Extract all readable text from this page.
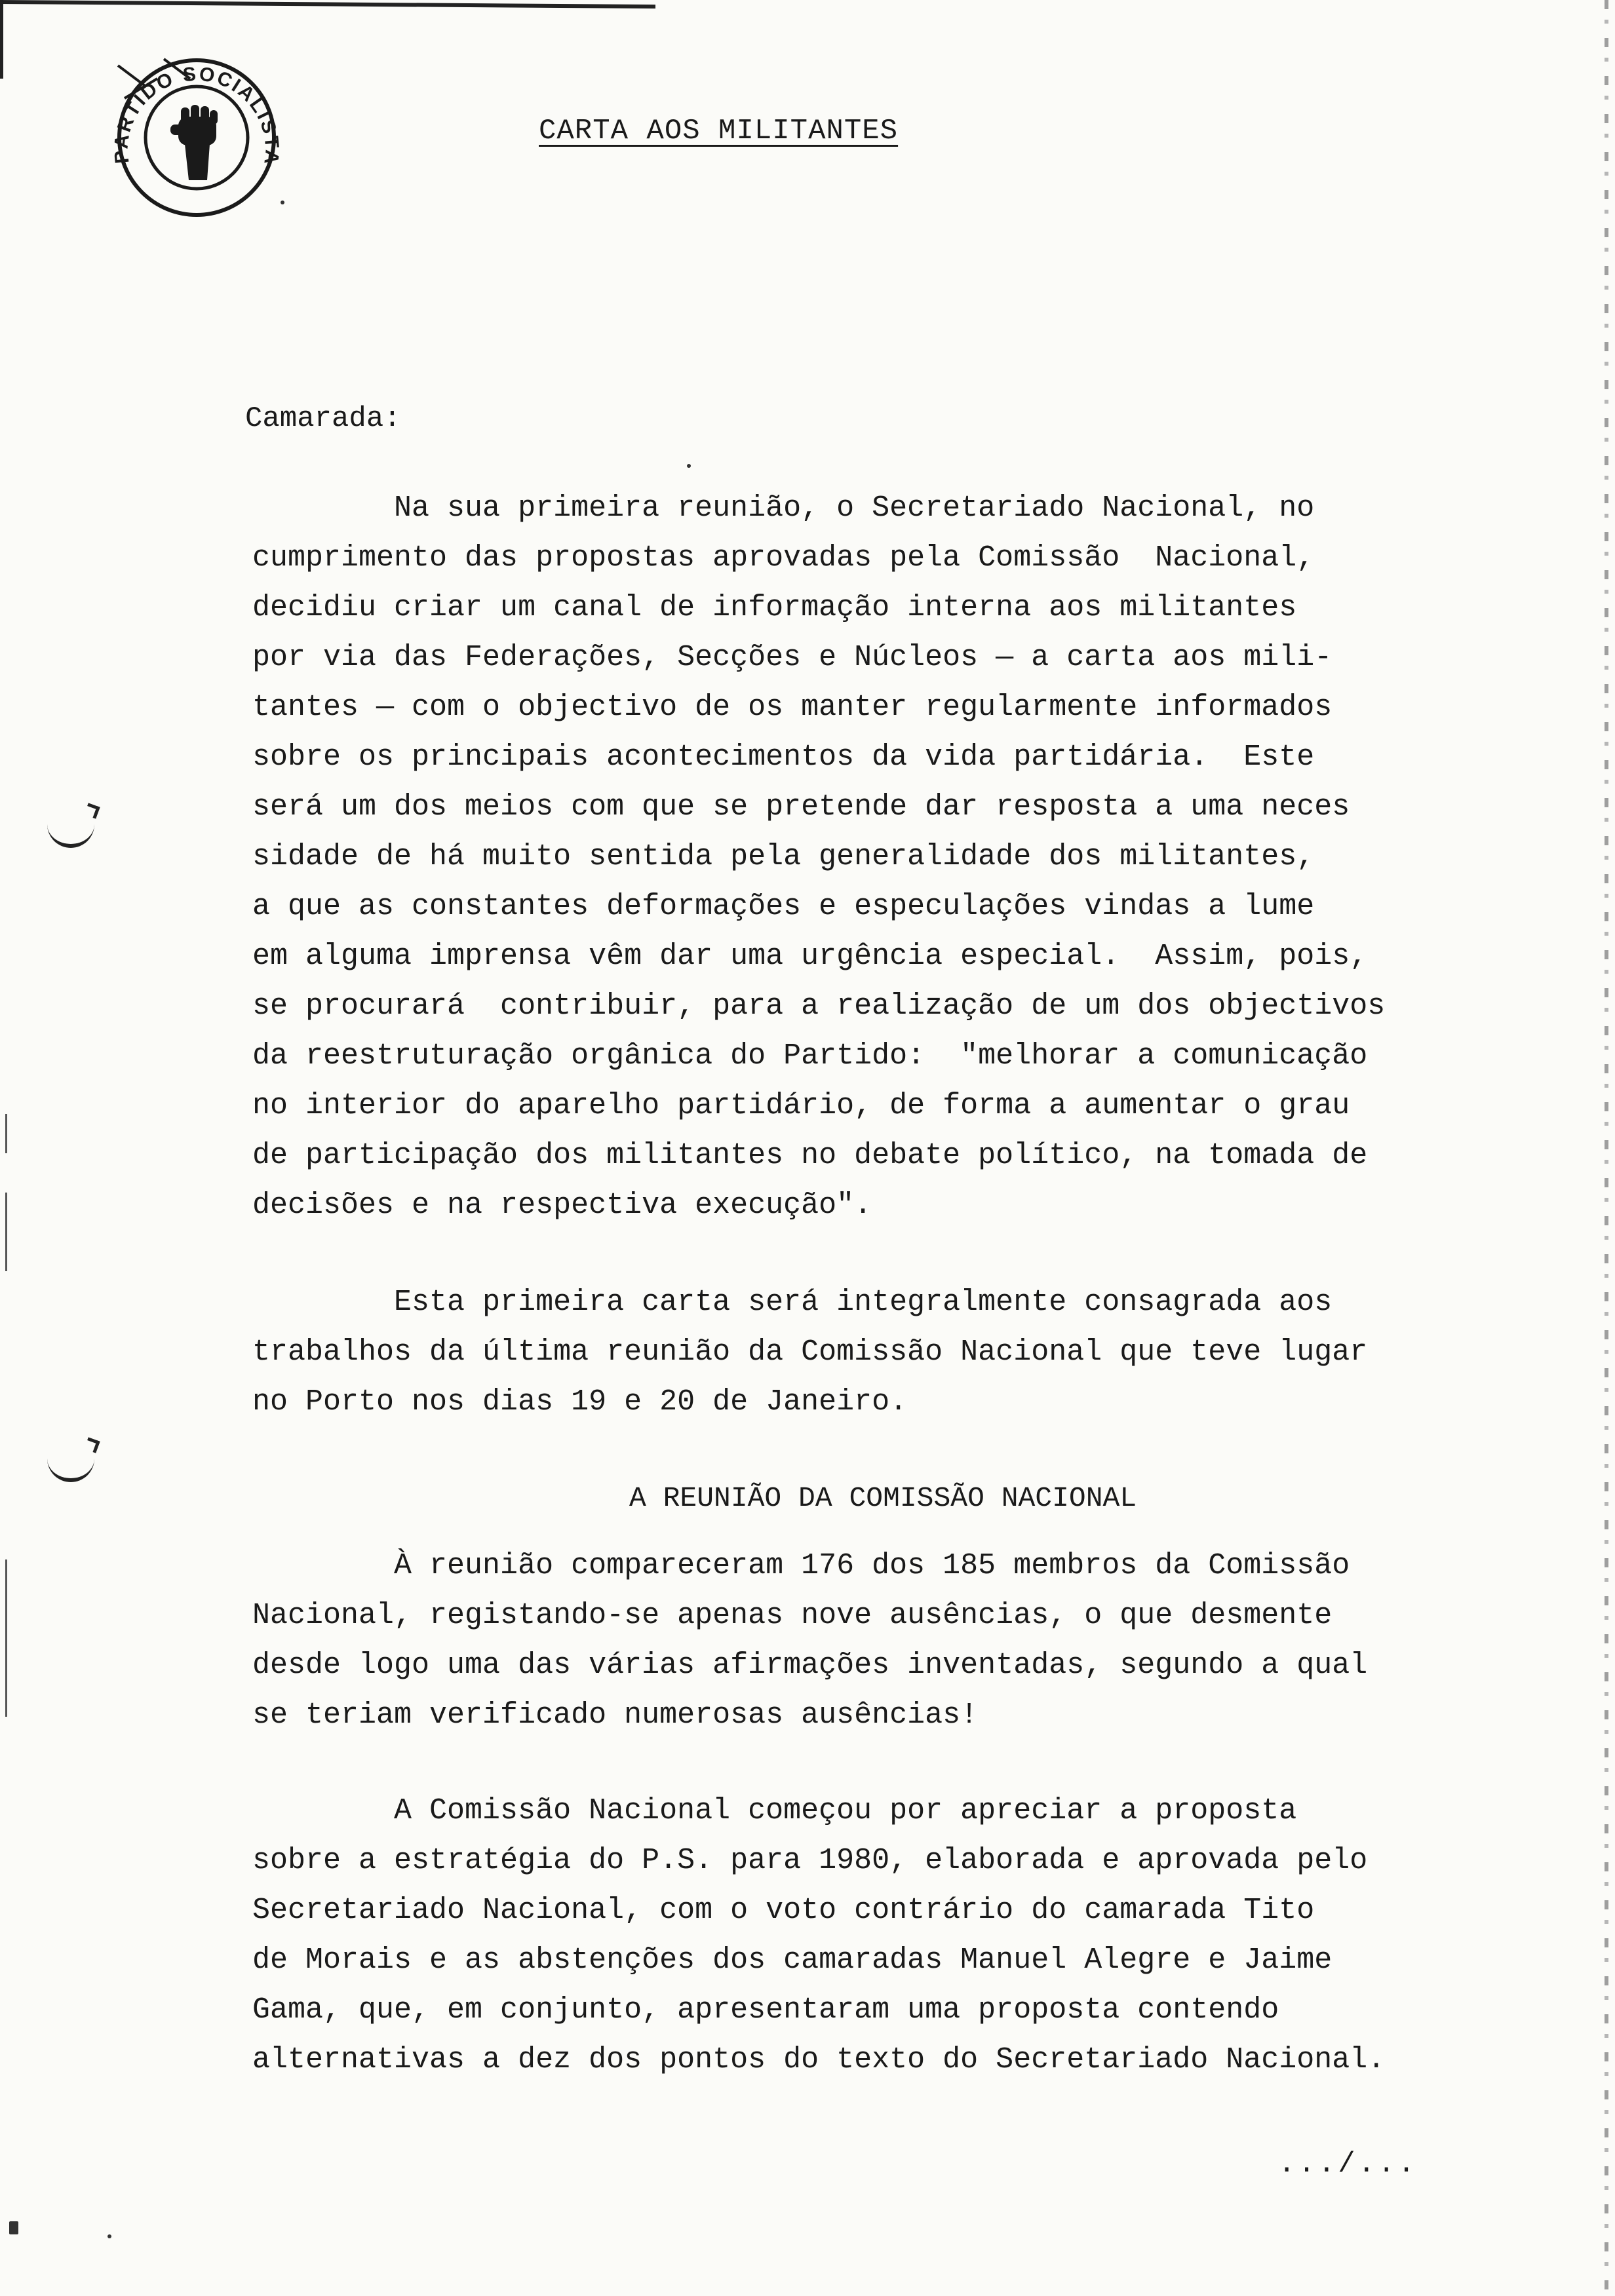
PARTIDO SOCIALISTA
CARTA AOS MILITANTES
Camarada:
Na sua primeira reunião, o Secretariado Nacional, no
cumprimento das propostas aprovadas pela Comissão  Nacional,
decidiu criar um canal de informação interna aos militantes
por via das Federações, Secções e Núcleos — a carta aos mili-
tantes — com o objectivo de os manter regularmente informados
sobre os principais acontecimentos da vida partidária.  Este
será um dos meios com que se pretende dar resposta a uma neces
sidade de há muito sentida pela generalidade dos militantes,
a que as constantes deformações e especulações vindas a lume
em alguma imprensa vêm dar uma urgência especial.  Assim, pois,
se procurará  contribuir, para a realização de um dos objectivos
da reestruturação orgânica do Partido:  "melhorar a comunicação
no interior do aparelho partidário, de forma a aumentar o grau
de participação dos militantes no debate político, na tomada de
decisões e na respectiva execução".
Esta primeira carta será integralmente consagrada aos
trabalhos da última reunião da Comissão Nacional que teve lugar
no Porto nos dias 19 e 20 de Janeiro.
A REUNIÃO DA COMISSÃO NACIONAL
À reunião compareceram 176 dos 185 membros da Comissão
Nacional, registando-se apenas nove ausências, o que desmente
desde logo uma das várias afirmações inventadas, segundo a qual
se teriam verificado numerosas ausências!
A Comissão Nacional começou por apreciar a proposta
sobre a estratégia do P.S. para 1980, elaborada e aprovada pelo
Secretariado Nacional, com o voto contrário do camarada Tito
de Morais e as abstenções dos camaradas Manuel Alegre e Jaime
Gama, que, em conjunto, apresentaram uma proposta contendo
alternativas a dez dos pontos do texto do Secretariado Nacional.
.../...
